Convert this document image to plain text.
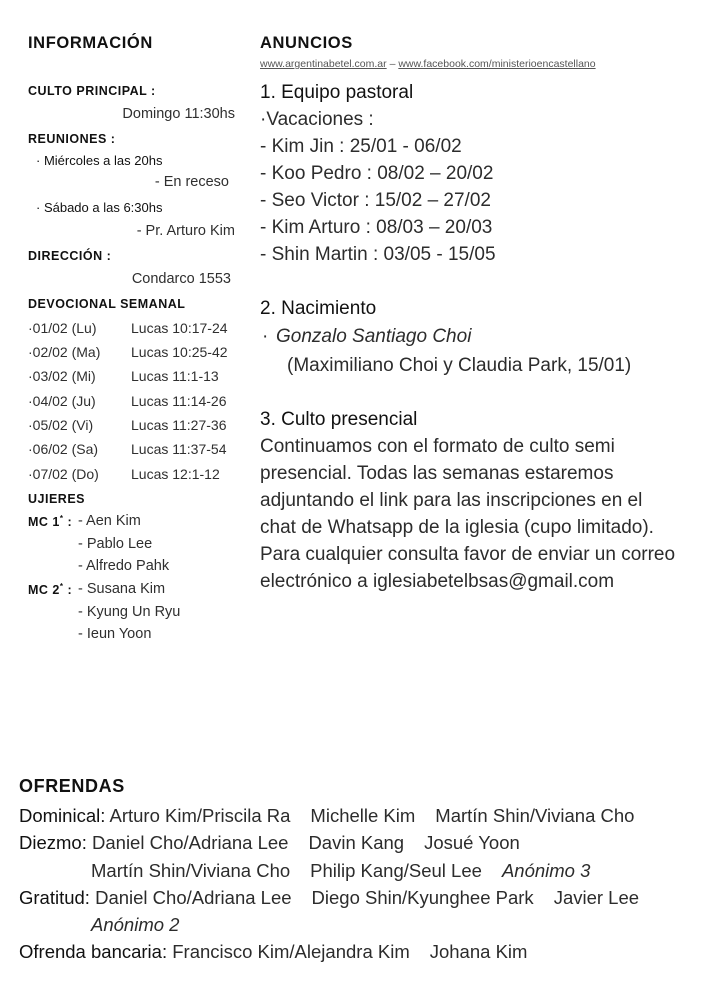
INFORMACIÓN
CULTO PRINCIPAL :
Domingo 11:30hs
REUNIONES :
· Miércoles a las 20hs
- En receso
· Sábado a las 6:30hs
- Pr. Arturo Kim
DIRECCIÓN :
Condarco 1553
DEVOCIONAL SEMANAL
·01/02 (Lu) Lucas 10:17-24
·02/02 (Ma) Lucas 10:25-42
·03/02 (Mi)	Lucas 11:1-13
·04/02 (Ju)	Lucas 11:14-26
·05/02 (Vi)	Lucas 11:27-36
·06/02 (Sa) Lucas 11:37-54
·07/02 (Do) Lucas 12:1-12
UJIERES
MC 1* : - Aen Kim
- Pablo Lee
- Alfredo Pahk
MC 2* : - Susana Kim
- Kyung Un Ryu
- Ieun Yoon
ANUNCIOS
www.argentinabetel.com.ar – www.facebook.com/ministerioencastellano
1. Equipo pastoral
·Vacaciones :
- Kim Jin : 25/01 - 06/02
- Koo Pedro : 08/02 – 20/02
- Seo Victor : 15/02 – 27/02
- Kim Arturo : 08/03 – 20/03
- Shin Martin : 03/05 - 15/05
2. Nacimiento
· Gonzalo Santiago Choi
(Maximiliano Choi y Claudia Park, 15/01)
3. Culto presencial
Continuamos con el formato de culto semi
presencial. Todas las semanas estaremos
adjuntando el link para las inscripciones en el
chat de Whatsapp de la iglesia (cupo limitado).
Para cualquier consulta favor de enviar un correo
electrónico a iglesiabetelbsas@gmail.com
OFRENDAS
Dominical: Arturo Kim/Priscila Ra Michelle Kim Martín Shin/Viviana Cho
Diezmo: Daniel Cho/Adriana Lee Davin Kang Josué Yoon
Martín Shin/Viviana Cho Philip Kang/Seul Lee Anónimo 3
Gratitud: Daniel Cho/Adriana Lee Diego Shin/Kyunghee Park Javier Lee
Anónimo 2
Ofrenda bancaria: Francisco Kim/Alejandra Kim Johana Kim
